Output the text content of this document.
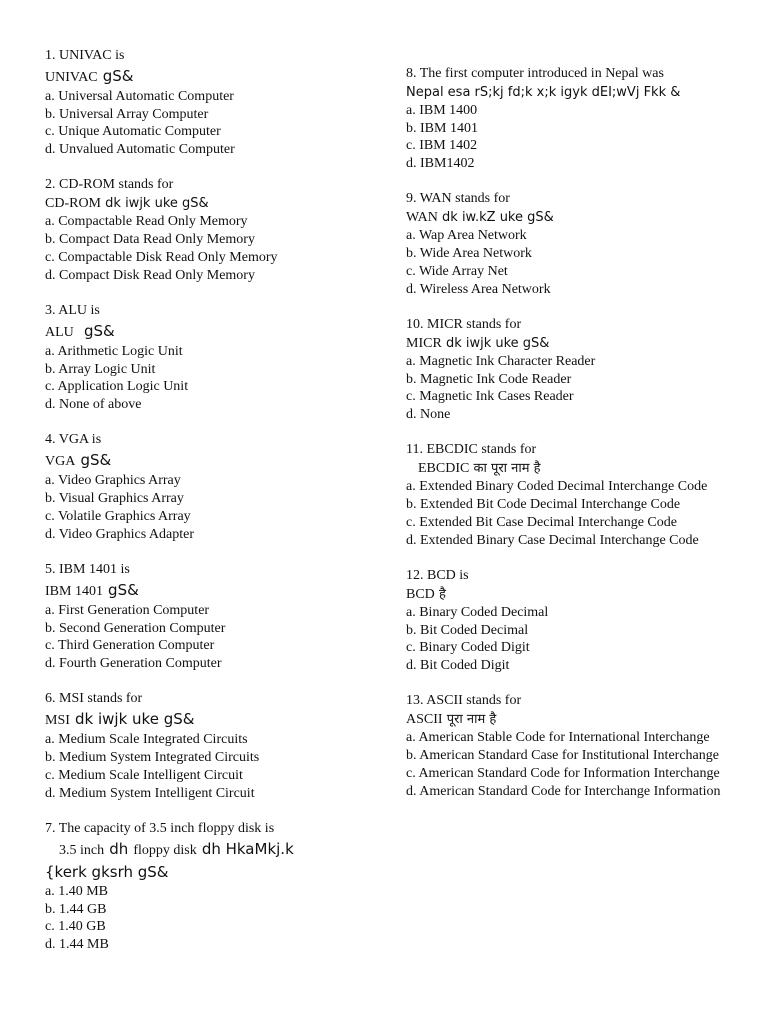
1. UNIVAC is
UNIVAC gS&
a. Universal Automatic Computer
b. Universal Array Computer
c. Unique Automatic Computer
d. Unvalued Automatic Computer
2. CD-ROM stands for
CD-ROM dk iwjk uke gS&
a. Compactable Read Only Memory
b. Compact Data Read Only Memory
c. Compactable Disk Read Only Memory
d. Compact Disk Read Only Memory
3. ALU is
ALU gS&
a. Arithmetic Logic Unit
b. Array Logic Unit
c. Application Logic Unit
d. None of above
4. VGA is
VGA gS&
a. Video Graphics Array
b. Visual Graphics Array
c. Volatile Graphics Array
d. Video Graphics Adapter
5. IBM 1401 is
IBM 1401 gS&
a. First Generation Computer
b. Second Generation Computer
c. Third Generation Computer
d. Fourth Generation Computer
6. MSI stands for
MSI dk iwjk uke gS&
a. Medium Scale Integrated Circuits
b. Medium System Integrated Circuits
c. Medium Scale Intelligent Circuit
d. Medium System Intelligent Circuit
7. The capacity of 3.5 inch floppy disk is
3.5 inch dh floppy disk dh HkaMkj.k
{kerk gksrh gS&
a. 1.40 MB
b. 1.44 GB
c. 1.40 GB
d. 1.44 MB
8. The first computer introduced in Nepal was
Nepal esa rS;kj fd;k x;k igyk dEI;wVj Fkk &
a. IBM 1400
b. IBM 1401
c. IBM 1402
d. IBM1402
9. WAN stands for
WAN dk iw.kZ uke gS&
a. Wap Area Network
b. Wide Area Network
c. Wide Array Net
d. Wireless Area Network
10. MICR stands for
MICR dk iwjk uke gS&
a. Magnetic Ink Character Reader
b. Magnetic Ink Code Reader
c. Magnetic Ink Cases Reader
d. None
11. EBCDIC stands for
EBCDIC का पूरा नाम है
a. Extended Binary Coded Decimal Interchange Code
b. Extended Bit Code Decimal Interchange Code
c. Extended Bit Case Decimal Interchange Code
d. Extended Binary Case Decimal Interchange Code
12. BCD is
BCD है
a. Binary Coded Decimal
b. Bit Coded Decimal
c. Binary Coded Digit
d. Bit Coded Digit
13. ASCII stands for
ASCII पूरा नाम है
a. American Stable Code for International Interchange
b. American Standard Case for Institutional Interchange
c. American Standard Code for Information Interchange
d. American Standard Code for Interchange Information
